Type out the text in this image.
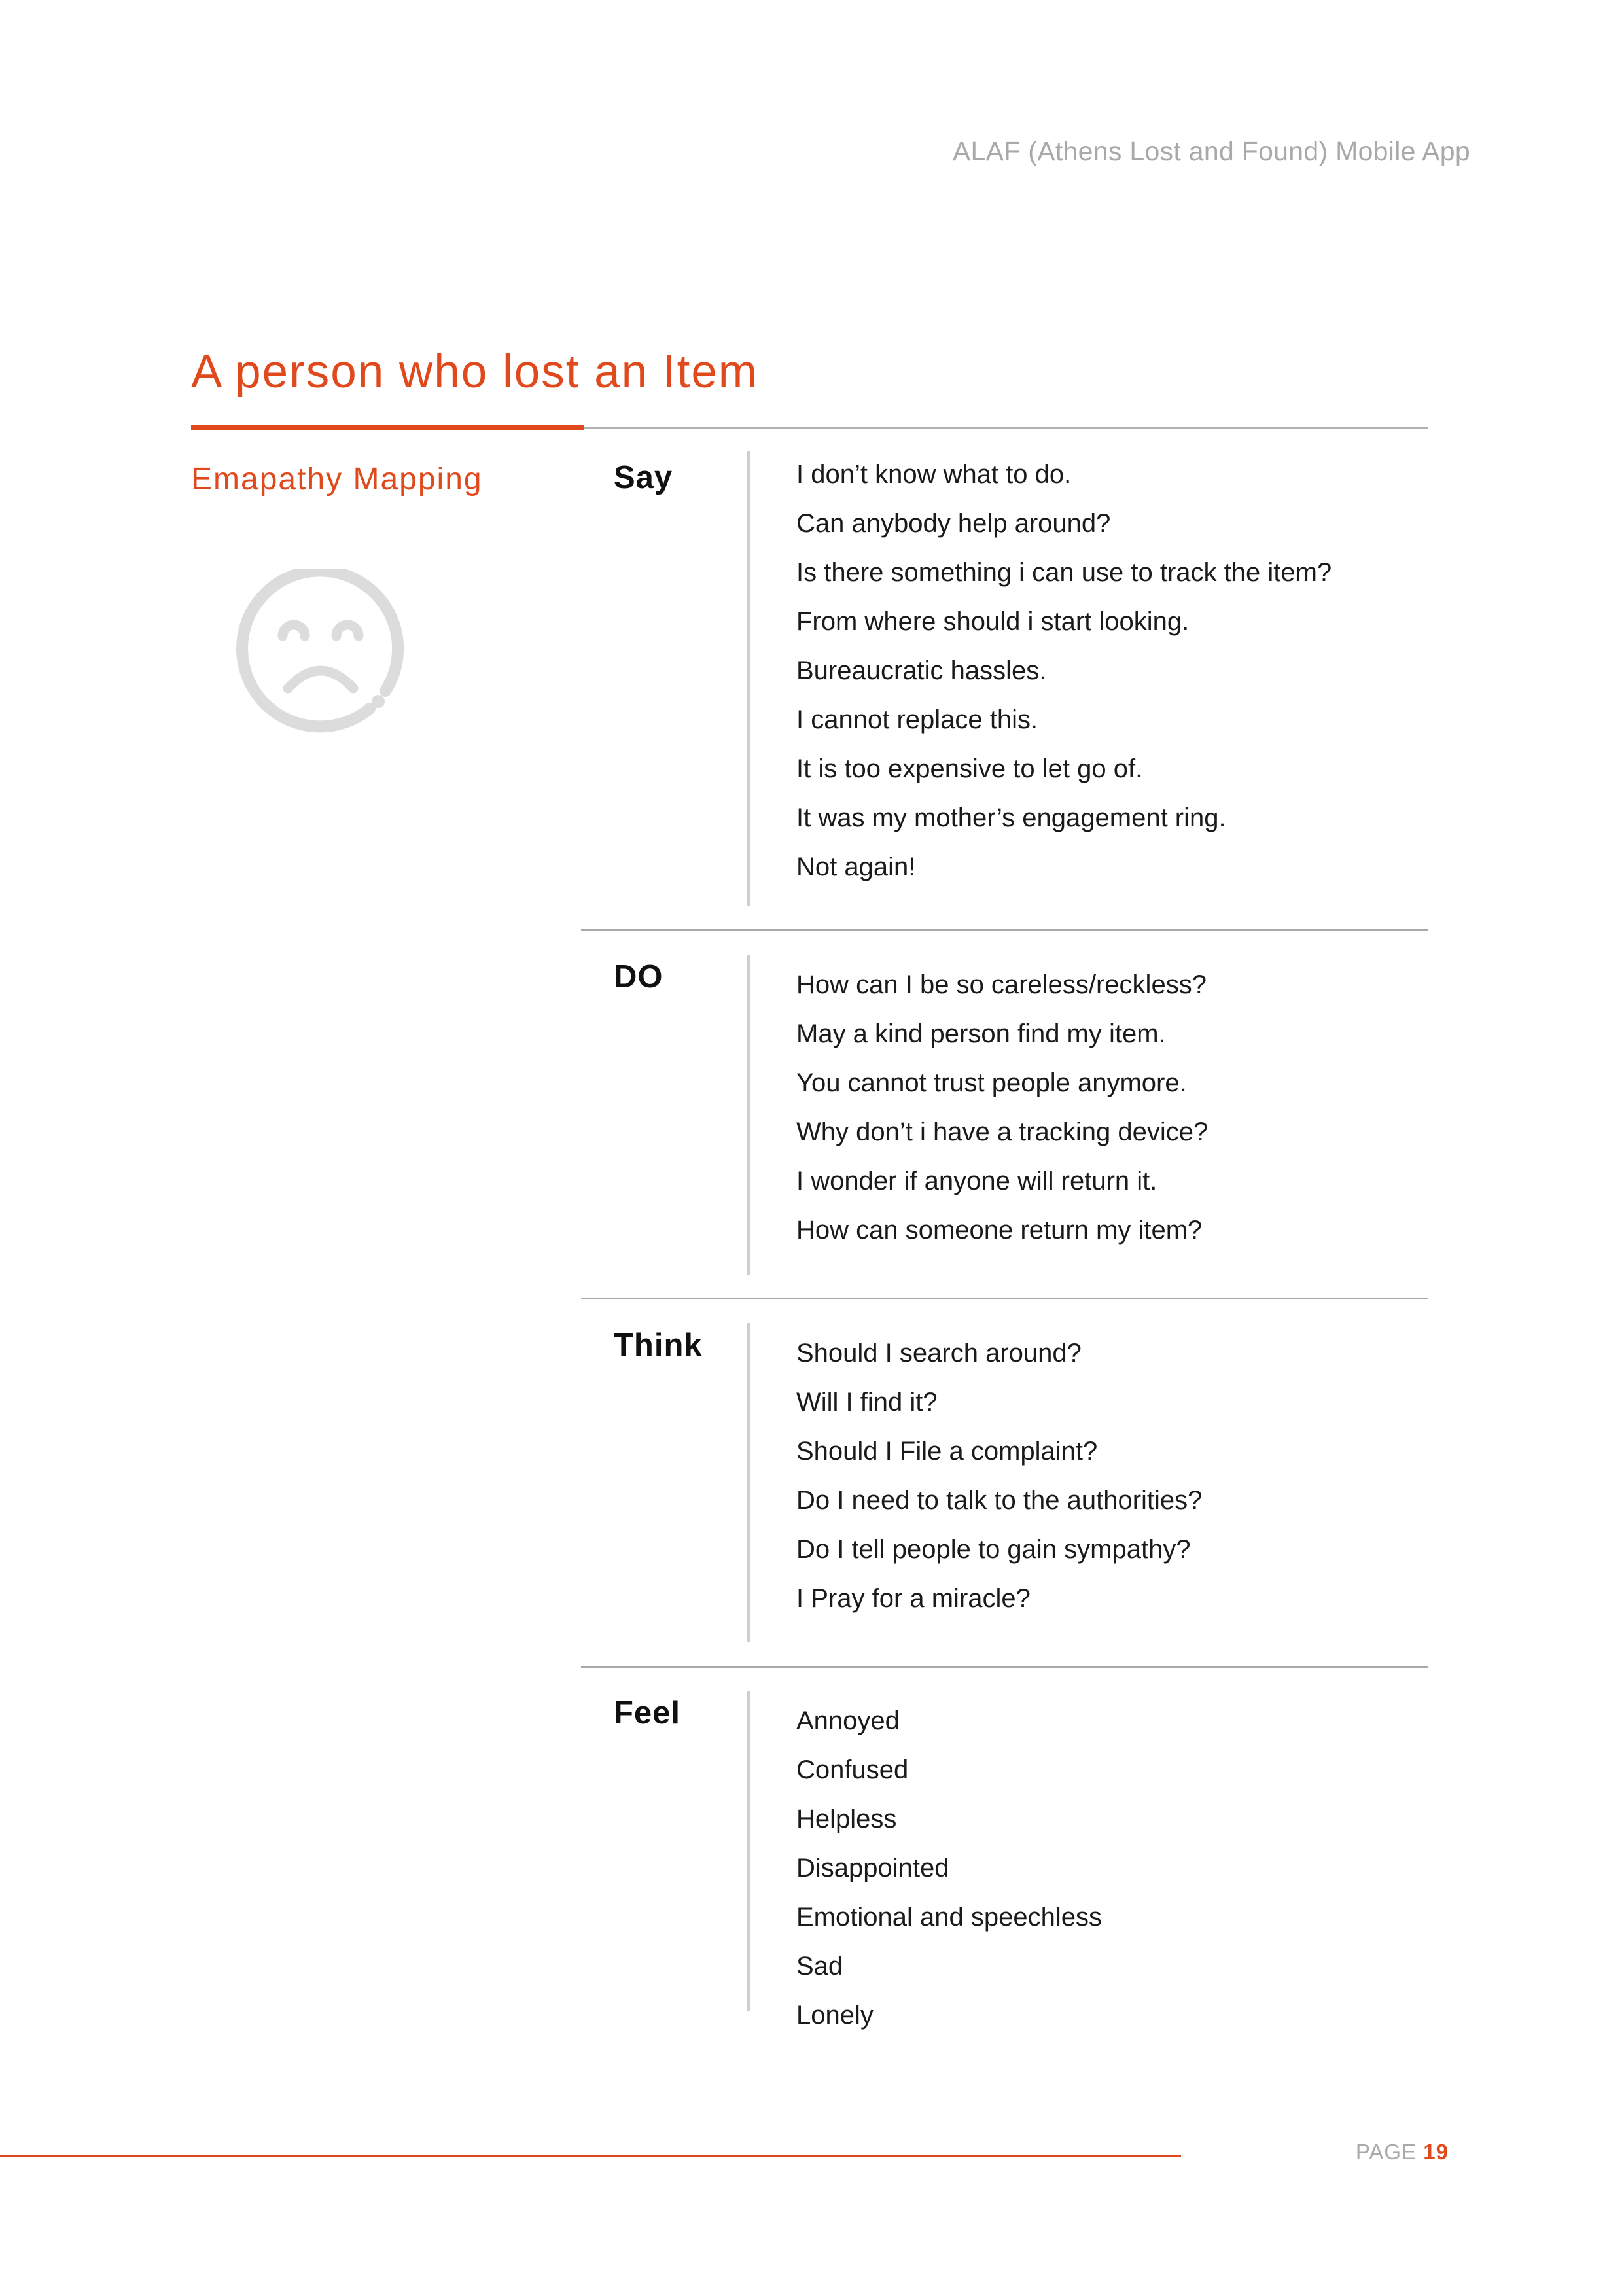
ALAF (Athens Lost and Found) Mobile App
A person who lost an Item
Emapathy Mapping	Say	I don’t know what to do.
Can anybody help around?
Is there something i can use to track the item?
From where should i start looking.
Bureaucratic hassles.
I cannot replace this.
It is too expensive to let go of.
It was my mother’s engagement ring.
Not again!
DO	How can I be so careless/reckless?
May a kind person find my item.
You cannot trust people anymore.
Why don’t i have a tracking device?
I wonder if anyone will return it.
How can someone return my item?
Think	Should I search around?
Will I find it?
Should I File a complaint?
Do I need to talk to the authorities?
Do I tell people to gain sympathy?
I Pray for a miracle?
Feel	Annoyed
Confused
Helpless
Disappointed
Emotional and speechless
Sad
Lonely
PAGE 19
